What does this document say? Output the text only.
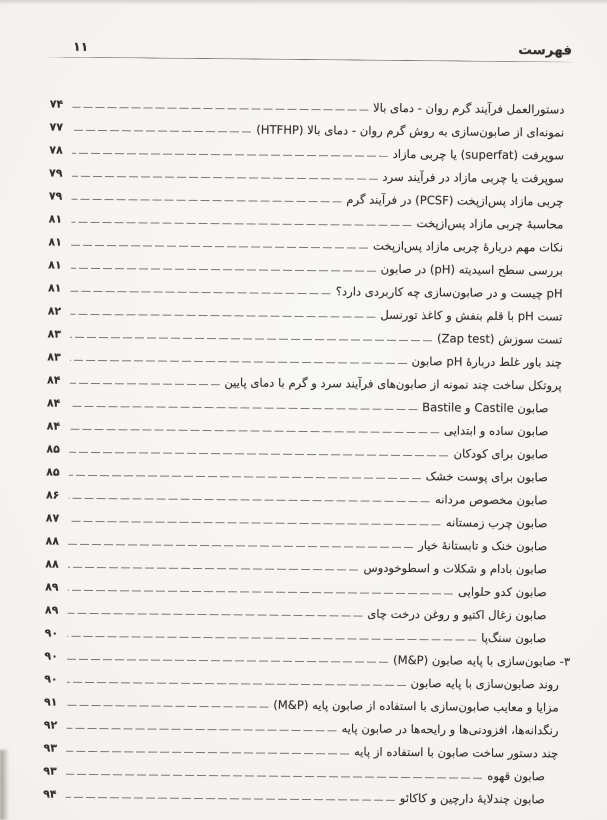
فهرست
۱۱
دستورالعمل فرآیند گرم روان - دمای بالا
۷۴
نمونه‌ای از صابون‌سازی به روش گرم روان - دمای بالا (HTFHP)
۷۷
سوپرفت (superfat) یا چربی مازاد
۷۸
سوپرفت یا چربی مازاد در فرآیند سرد
۷۹
چربی مازاد پس‌ازپخت (PCSF) در فرآیند گرم
۷۹
محاسبهٔ چربی مازاد پس‌ازپخت
۸۱
نکات مهم دربارهٔ چربی مازاد پس‌ازپخت
۸۱
بررسی سطح اسیدیته (pH) در صابون
۸۱
pH چیست و در صابون‌سازی چه کاربردی دارد؟
۸۱
تست pH با قلم بنفش و کاغذ تورنسل
۸۲
تست سوزش (Zap test)
۸۳
چند باور غلط دربارهٔ pH صابون
۸۳
پروتکل ساخت چند نمونه از صابون‌های فرآیند سرد و گرم با دمای پایین
۸۴
صابون Castile و Bastile
۸۴
صابون ساده و ابتدایی
۸۴
صابون برای کودکان
۸۵
صابون برای پوست خشک
۸۵
صابون مخصوص مردانه
۸۶
صابون چرب زمستانه
۸۷
صابون خنک و تابستانهٔ خیار
۸۸
صابون بادام و شکلات و اسطوخودوس
۸۸
صابون کدو حلوایی
۸۹
صابون زغال اکتیو و روغن درخت چای
۸۹
صابون سنگ‌پا
۹۰
۳- صابون‌سازی با پایه صابون (M&P)
۹۰
روند صابون‌سازی با پایه صابون
۹۰
مزایا و معایب صابون‌سازی با استفاده از صابون پایه (M&P)
۹۱
رنگدانه‌ها، افزودنی‌ها و رایحه‌ها در صابون پایه
۹۲
چند دستور ساخت صابون با استفاده از پایه
۹۳
صابون قهوه
۹۳
صابون چندلایهٔ دارچین و کاکائو
۹۴
